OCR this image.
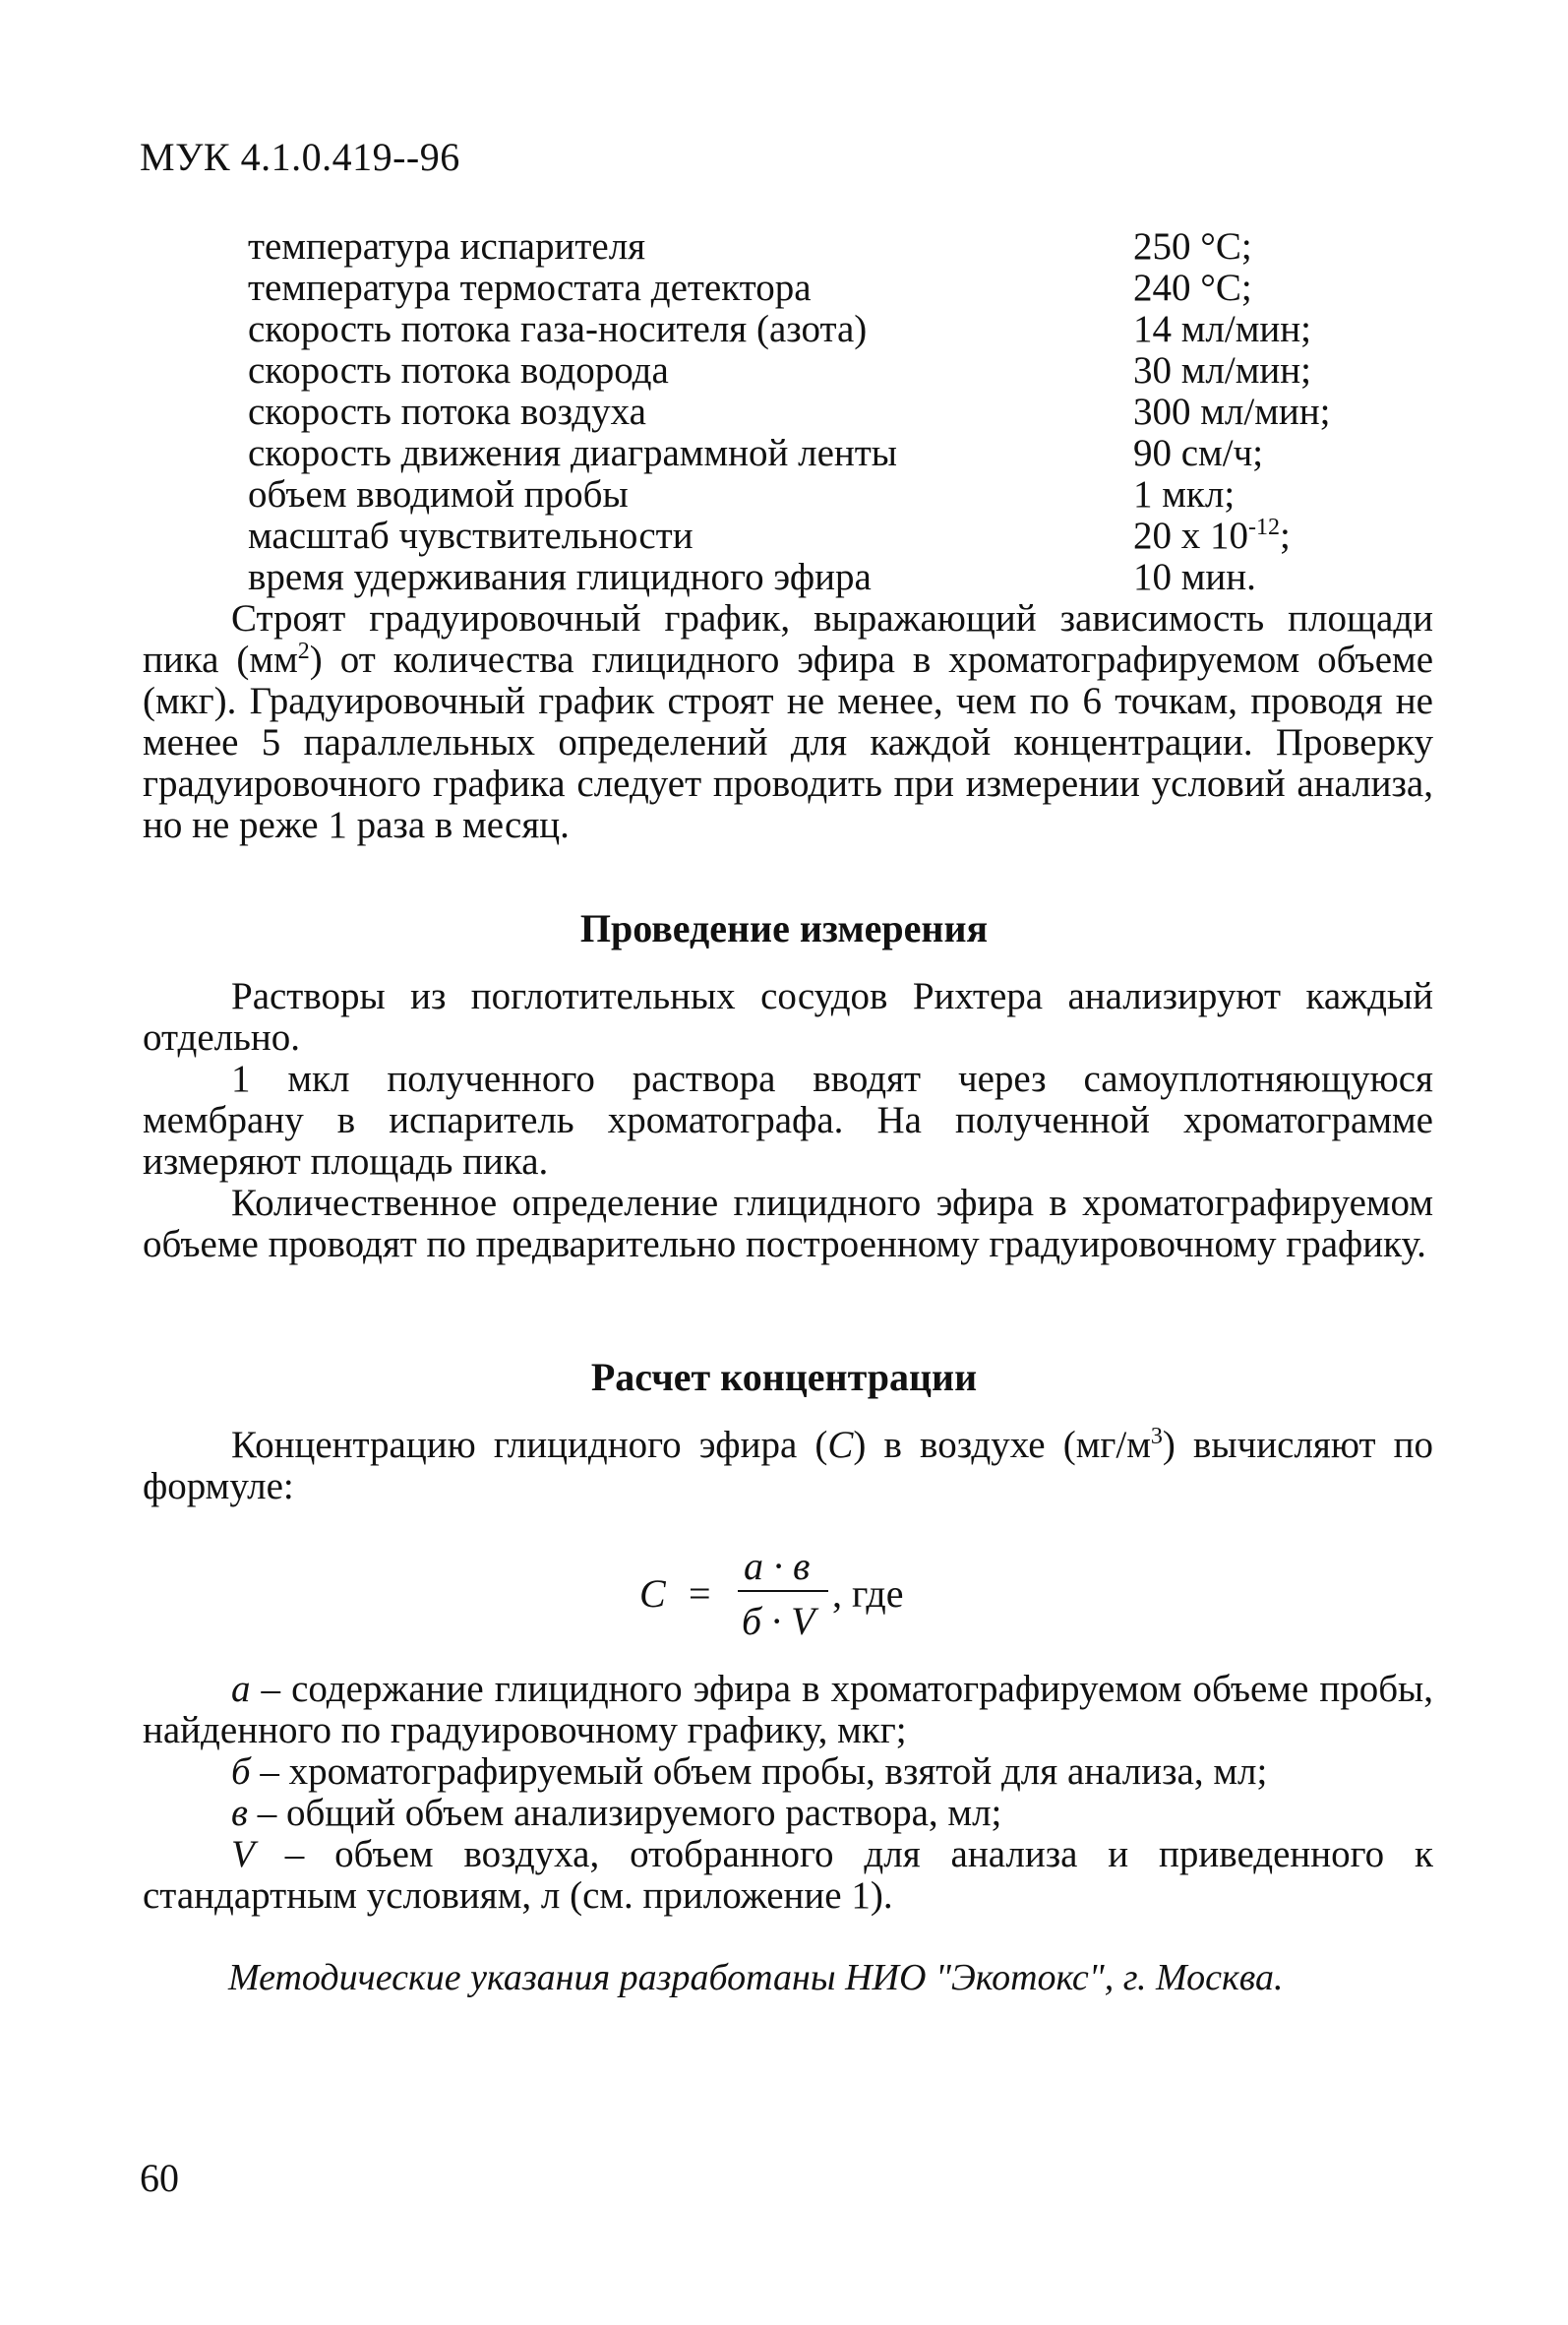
МУК 4.1.0.419--96
температура испарителя	250 °С;
температура термостата детектора	240 °С;
скорость потока газа-носителя (азота)	14 мл/мин;
скорость потока водорода	30 мл/мин;
скорость потока воздуха	300 мл/мин;
скорость движения диаграммной ленты	90 см/ч;
объем вводимой пробы	1 мкл;
масштаб чувствительности	20 х $10^{-12}$;
время удерживания глицидного эфира	10 мин.

Строят градуировочный график, выражающий зависимость площади пика $(мм^2)$ от количества глицидного эфира в хроматографируемом объеме (мкг). Градуировочный график строят не менее, чем по 6 точкам, проводя не менее 5 параллельных определений для каждой концентрации. Проверку градуировочного графика следует проводить при измерении условий анализа, но не реже 1 раза в месяц.

Проведение измерения

Растворы из поглотительных сосудов Рихтера анализируют каждый отдельно.

1 мкл полученного раствора вводят через самоуплотняющуюся мембрану в испаритель хроматографа. На полученной хроматограмме измеряют площадь пика.

Количественное определение глицидного эфира в хроматографируемом объеме проводят по предварительно построенному градуировочному графику.

Расчет концентрации

Концентрацию глицидного эфира (С) в воздухе $(мг/м^3)$ вычисляют по формуле:

С =
а · в
б · V
, где

а – содержание глицидного эфира в хроматографируемом объеме пробы, найденного по градуировочному графику, мкг;

б – хроматографируемый объем пробы, взятой для анализа, мл;

в – общий объем анализируемого раствора, мл;

V – объем воздуха, отобранного для анализа и приведенного к стандартным условиям, л (см. приложение 1).

Методические указания разработаны НИО "Экотокс", г. Москва.
60
